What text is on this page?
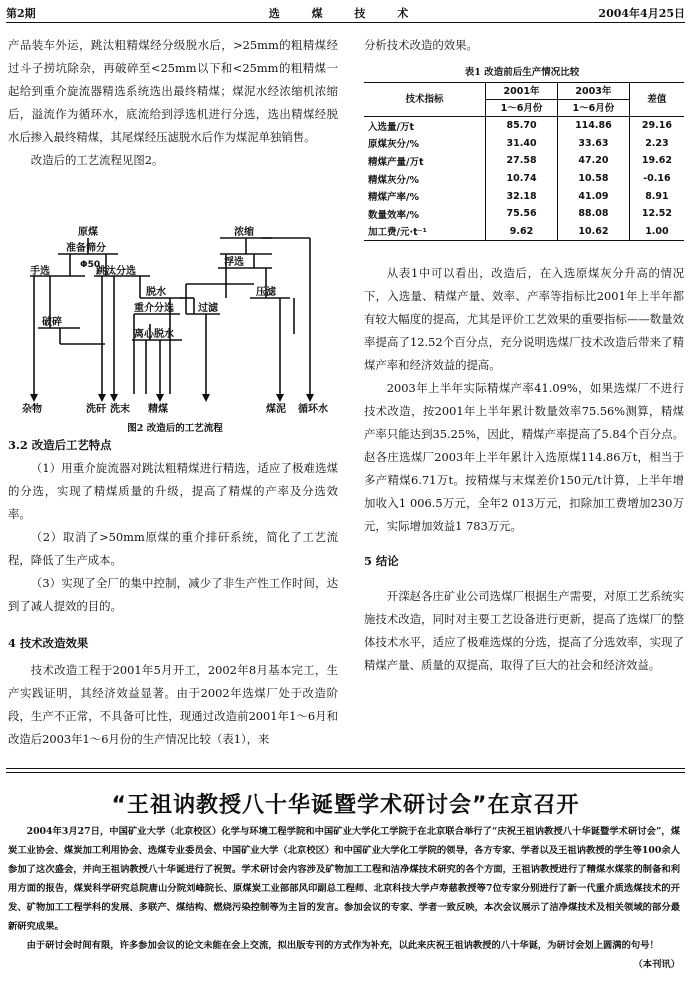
第2期	选 煤 技 术	2004年4月25日

产品装车外运，跳汰粗精煤经分级脱水后，>25mm的粗精煤经过斗子捞坑除杂，再破碎至<25mm以下和<25mm的粗精煤一起给到重介旋流器精选系统选出最终精煤；煤泥水经浓缩机浓缩后，溢流作为循环水，底流给到浮选机进行分选，选出精煤经脱水后掺入最终精煤，其尾煤经压滤脱水后作为煤泥单独销售。

改造后的工艺流程见图2。

原煤
准备筛分
Φ50
手选	跳汰分选
破碎
脱水
重介分选
离心脱水
浓缩
浮选
过滤
压滤
杂物	洗矸 洗末 精煤	煤泥 循环水
图2 改造后的工艺流程

3.2 改造后工艺特点

（1）用重介旋流器对跳汰粗精煤进行精选，适应了极难选煤的分选，实现了精煤质量的升级，提高了精煤的产率及分选效率。

（2）取消了>50mm原煤的重介排矸系统，简化了工艺流程，降低了生产成本。

（3）实现了全厂的集中控制，减少了非生产性工作时间，达到了减人提效的目的。

4 技术改造效果

技术改造工程于2001年5月开工，2002年8月基本完工，生产实践证明，其经济效益显著。由于2002年选煤厂处于改造阶段，生产不正常，不具备可比性，现通过改造前2001年1～6月和改造后2003年1～6月份的生产情况比较（表1），来

分析技术改造的效果。

表1 改造前后生产情况比较
技术指标	2001年	2003年	差值
	1～6月份	1～6月份	
入选量/万t	85.70	114.86	29.16
原煤灰分/%	31.40	33.63	2.23
精煤产量/万t	27.58	47.20	19.62
精煤灰分/%	10.74	10.58	-0.16
精煤产率/%	32.18	41.09	8.91
数量效率/%	75.56	88.08	12.52
加工费/元·t⁻¹	9.62	10.62	1.00

从表1中可以看出，改造后，在入选原煤灰分升高的情况下，入选量、精煤产量、效率、产率等指标比2001年上半年都有较大幅度的提高，尤其是评价工艺效果的重要指标——数量效率提高了12.52个百分点，充分说明选煤厂技术改造后带来了精煤产率和经济效益的提高。

2003年上半年实际精煤产率41.09%，如果选煤厂不进行技术改造，按2001年上半年累计数量效率75.56%测算，精煤产率只能达到35.25%，因此，精煤产率提高了5.84个百分点。赵各庄选煤厂2003年上半年累计入选原煤114.86万t，相当于多产精煤6.71万t。按精煤与末煤差价150元/t计算，上半年增加收入1 006.5万元，全年2 013万元，扣除加工费增加230万元，实际增加效益1 783万元。

5 结论

开滦赵各庄矿业公司选煤厂根据生产需要，对原工艺系统实施技术改造，同时对主要工艺设备进行更新，提高了选煤厂的整体技术水平，适应了极难选煤的分选，提高了分选效率，实现了精煤产量、质量的双提高，取得了巨大的社会和经济效益。

“王祖讷教授八十华诞暨学术研讨会”在京召开

2004年3月27日，中国矿业大学（北京校区）化学与环境工程学院和中国矿业大学化工学院于在北京联合举行了“庆祝王祖讷教授八十华诞暨学术研讨会”，煤炭工业协会、煤炭加工利用协会、选煤专业委员会、中国矿业大学（北京校区）和中国矿业大学化工学院的领导，各方专家、学者以及王祖讷教授的学生等100余人参加了这次盛会，并向王祖讷教授八十华诞进行了祝贺。学术研讨会内容涉及矿物加工工程和洁净煤技术研究的各个方面，王祖讷教授进行了精煤水煤浆的制备和利用方面的报告，煤炭科学研究总院唐山分院刘峰院长、原煤炭工业部部风印副总工程师、北京科技大学卢寿慈教授等7位专家分别进行了新一代重介质选煤技术的开发、矿物加工工程学科的发展、多联产、煤结构、燃烧污染控制等为主旨的发言。参加会议的专家、学者一致反映，本次会议展示了洁净煤技术及相关领域的部分最新研究成果。

由于研讨会时间有限，许多参加会议的论文未能在会上交流，拟出版专刊的方式作为补充，以此来庆祝王祖讷教授的八十华诞，为研讨会划上圆满的句号！
（本刊讯）
